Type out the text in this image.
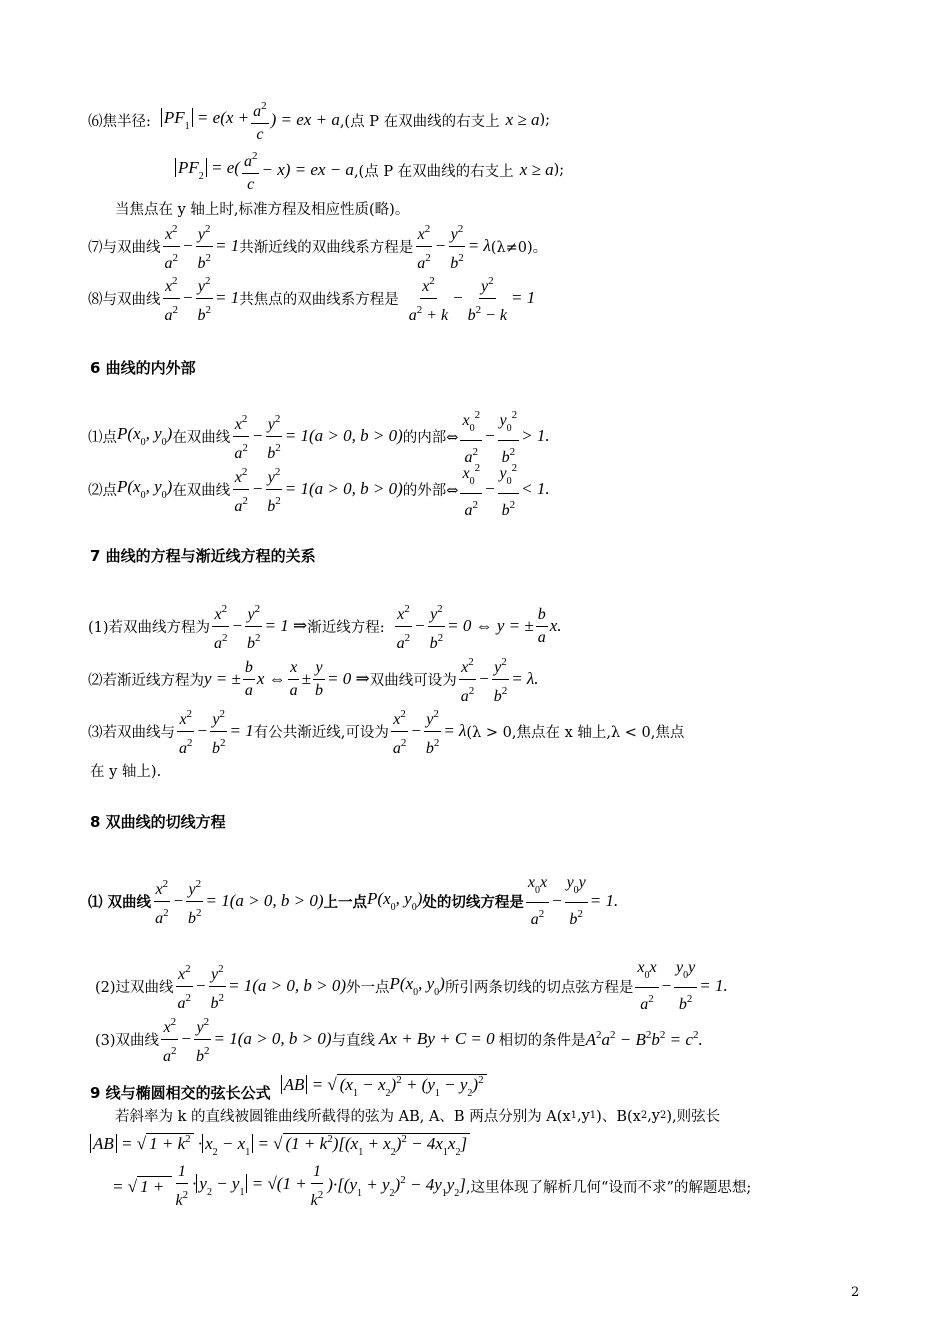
⑹焦半径: $PF_1 = e(x + \frac{a^2}{c}$ ) = ex + a ,(点 P 在双曲线的右支上 x ≥ a );
$PF_2 = e$( $a^2$
c
− x) = ex − a ,(点 P 在双曲线的右支上 x ≥ a );
当焦点在 y 轴上时,标准方程及相应性质(略)。
⑺与双曲线
$x^2$
$a^2$
− $\frac{y^2}{b^2} = 1$ 共渐近线的双曲线系方程是
$x^2$
$a^2$
− $\frac{y^2}{b^2} = \lambda$ (λ≠0)。
⑻与双曲线
$x^2$
$a^2$
− $\frac{y^2}{b^2} = 1$ 共焦点的双曲线系方程是
$x^2$
$a^2 + k$
− $\frac{y^2}{b^2 - k} = 1$
6 曲线的内外部
⑴点 $P(x_0$, $y_0$) 在双曲线
$x^2$
$a^2$
− $\frac{y^2}{b^2} = 1(a > 0$, b > 0) 的内部⇔
$x_0^2$
$a^2$
− $\frac{y_0^2}{b^2} > 1$.
⑵点 $P(x_0$, $y_0$) 在双曲线
$x^2$
$a^2$
− $\frac{y^2}{b^2} = 1(a > 0$, b > 0) 的外部⇔
$x_0^2$
$a^2$
− $\frac{y_0^2}{b^2} < 1$.
7 曲线的方程与渐近线方程的关系
(1)若双曲线方程为
$x^2$
$a^2$
− $\frac{y^2}{b^2} = 1$ ⇒ 渐近线方程:
$x^2$
$a^2$
− $\frac{y^2}{b^2} = 0$ ⇔ y = ± $\frac{b}{a} x$.
⑵若渐近线方程为 y = ± $\frac{b}{a}$ x ⇔
x
a
± $\frac{y}{b} = 0$ ⇒ 双曲线可设为
$x^2$
$a^2$
− $\frac{y^2}{b^2} = \lambda$.
⑶若双曲线与
$x^2$
$a^2$
− $\frac{y^2}{b^2} = 1$ 有公共渐近线,可设为
$x^2$
$a^2$
− $\frac{y^2}{b^2} = \lambda$ (λ > 0,焦点在 x 轴上,λ < 0,焦点
在 y 轴上).
8 双曲线的切线方程
⑴ 双曲线
$x^2$
$a^2$
− $\frac{y^2}{b^2} = 1(a > 0$, b > 0) 上一点 $P(x_0$, $y_0$) 处的切线方程是
$x_0x$
$a^2$
− $\frac{y_0y}{b^2} = 1$.
(2)过双曲线
$x^2$
$a^2$
− $\frac{y^2}{b^2} = 1(a > 0$, b > 0) 外一点 $P(x_0$, $y_0$) 所引两条切线的切点弦方程是
$x_0x$
$a^2$
− $\frac{y_0y}{b^2} = 1$.
(3)双曲线
$x^2$
$a^2$
− $\frac{y^2}{b^2} = 1(a > 0$, b > 0) 与直线 Ax + By + C = 0 相切的条件是 $A^2a^2 - B^2b^2 = c^2$.
9 线与椭圆相交的弦长公式 AB = √ $(x_1 - x_2)^2 + (y_1 - y_2)^2$
若斜率为 k 的直线被圆锥曲线所截得的弦为 AB, A、B 两点分别为 A(x 1 ,y 1 )、B(x 2 ,y 2 ),则弦长
AB = √ $1 + k^2 \cdot x_2 - x_1$ = √ $(1 + k^2)[(x_1 + x_2)^2 - 4x_1x_2]$
= √ $1 + \frac{1}{k^2} \cdot y_2 - y_1 = √(1 + \frac{1}{k^2} )\cdot[(y_1 + y_2)^2 - 4y_1y_2]$ ,这里体现了解析几何“设而不求”的解题思想;
2
